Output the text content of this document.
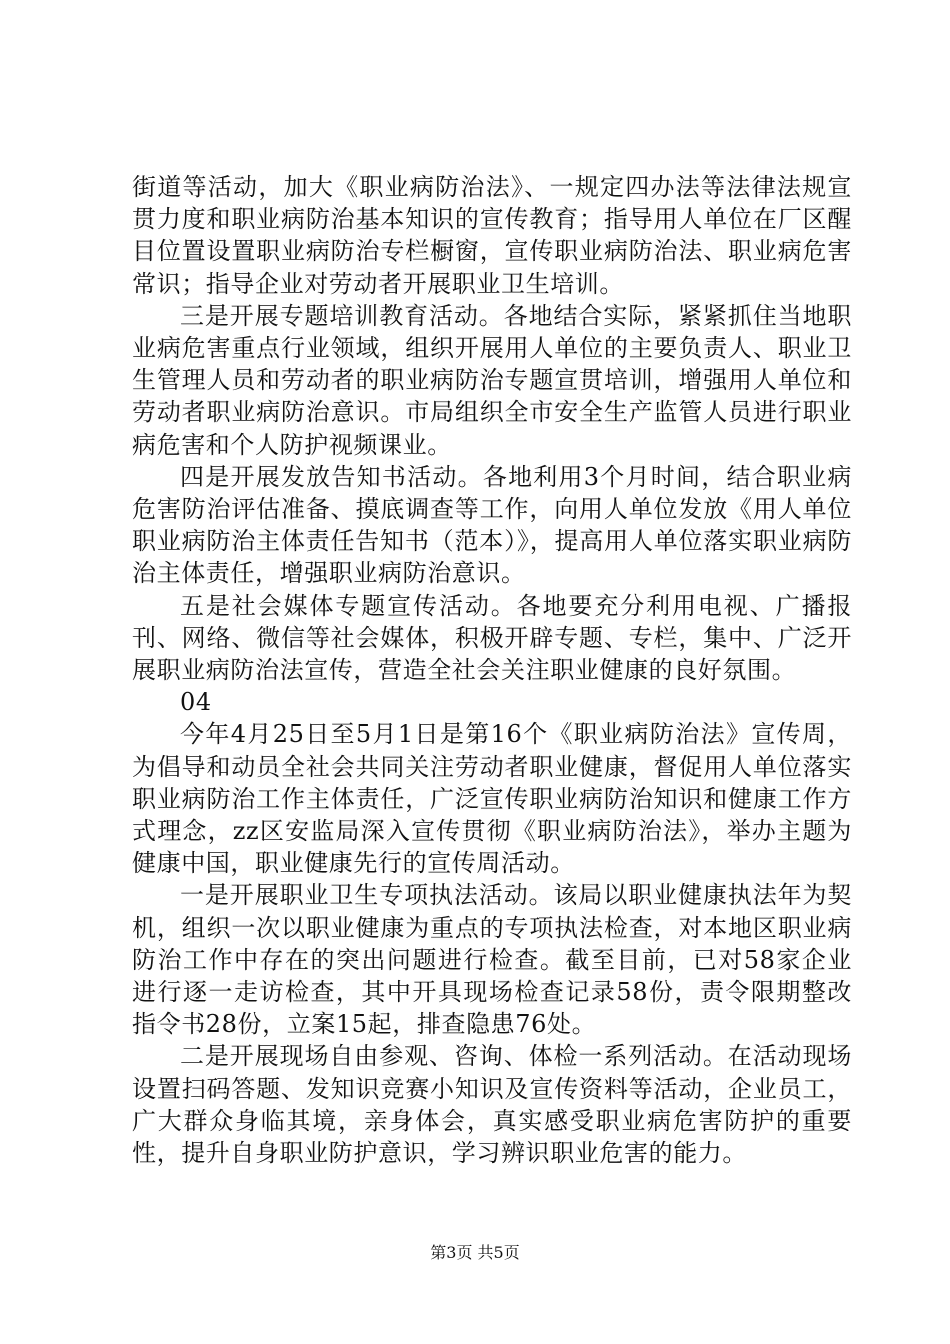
街道等活动，加大《职业病防治法》、一规定四办法等法律法规宣贯力度和职业病防治基本知识的宣传教育；指导用人单位在厂区醒目位置设置职业病防治专栏橱窗，宣传职业病防治法、职业病危害常识；指导企业对劳动者开展职业卫生培训。

三是开展专题培训教育活动。各地结合实际，紧紧抓住当地职业病危害重点行业领域，组织开展用人单位的主要负责人、职业卫生管理人员和劳动者的职业病防治专题宣贯培训，增强用人单位和劳动者职业病防治意识。市局组织全市安全生产监管人员进行职业病危害和个人防护视频课业。

四是开展发放告知书活动。各地利用3个月时间，结合职业病危害防治评估准备、摸底调查等工作，向用人单位发放《用人单位职业病防治主体责任告知书（范本）》，提高用人单位落实职业病防治主体责任，增强职业病防治意识。

五是社会媒体专题宣传活动。各地要充分利用电视、广播报刊、网络、微信等社会媒体，积极开辟专题、专栏，集中、广泛开展职业病防治法宣传，营造全社会关注职业健康的良好氛围。

04

今年4月25日至5月1日是第16个《职业病防治法》宣传周，为倡导和动员全社会共同关注劳动者职业健康，督促用人单位落实职业病防治工作主体责任，广泛宣传职业病防治知识和健康工作方式理念，zz区安监局深入宣传贯彻《职业病防治法》，举办主题为健康中国，职业健康先行的宣传周活动。

一是开展职业卫生专项执法活动。该局以职业健康执法年为契机，组织一次以职业健康为重点的专项执法检查，对本地区职业病防治工作中存在的突出问题进行检查。截至目前，已对58家企业进行逐一走访检查，其中开具现场检查记录58份，责令限期整改指令书28份，立案15起，排查隐患76处。

二是开展现场自由参观、咨询、体检一系列活动。在活动现场设置扫码答题、发知识竞赛小知识及宣传资料等活动，企业员工，广大群众身临其境，亲身体会，真实感受职业病危害防护的重要性，提升自身职业防护意识，学习辨识职业危害的能力。

第3页 共5页
